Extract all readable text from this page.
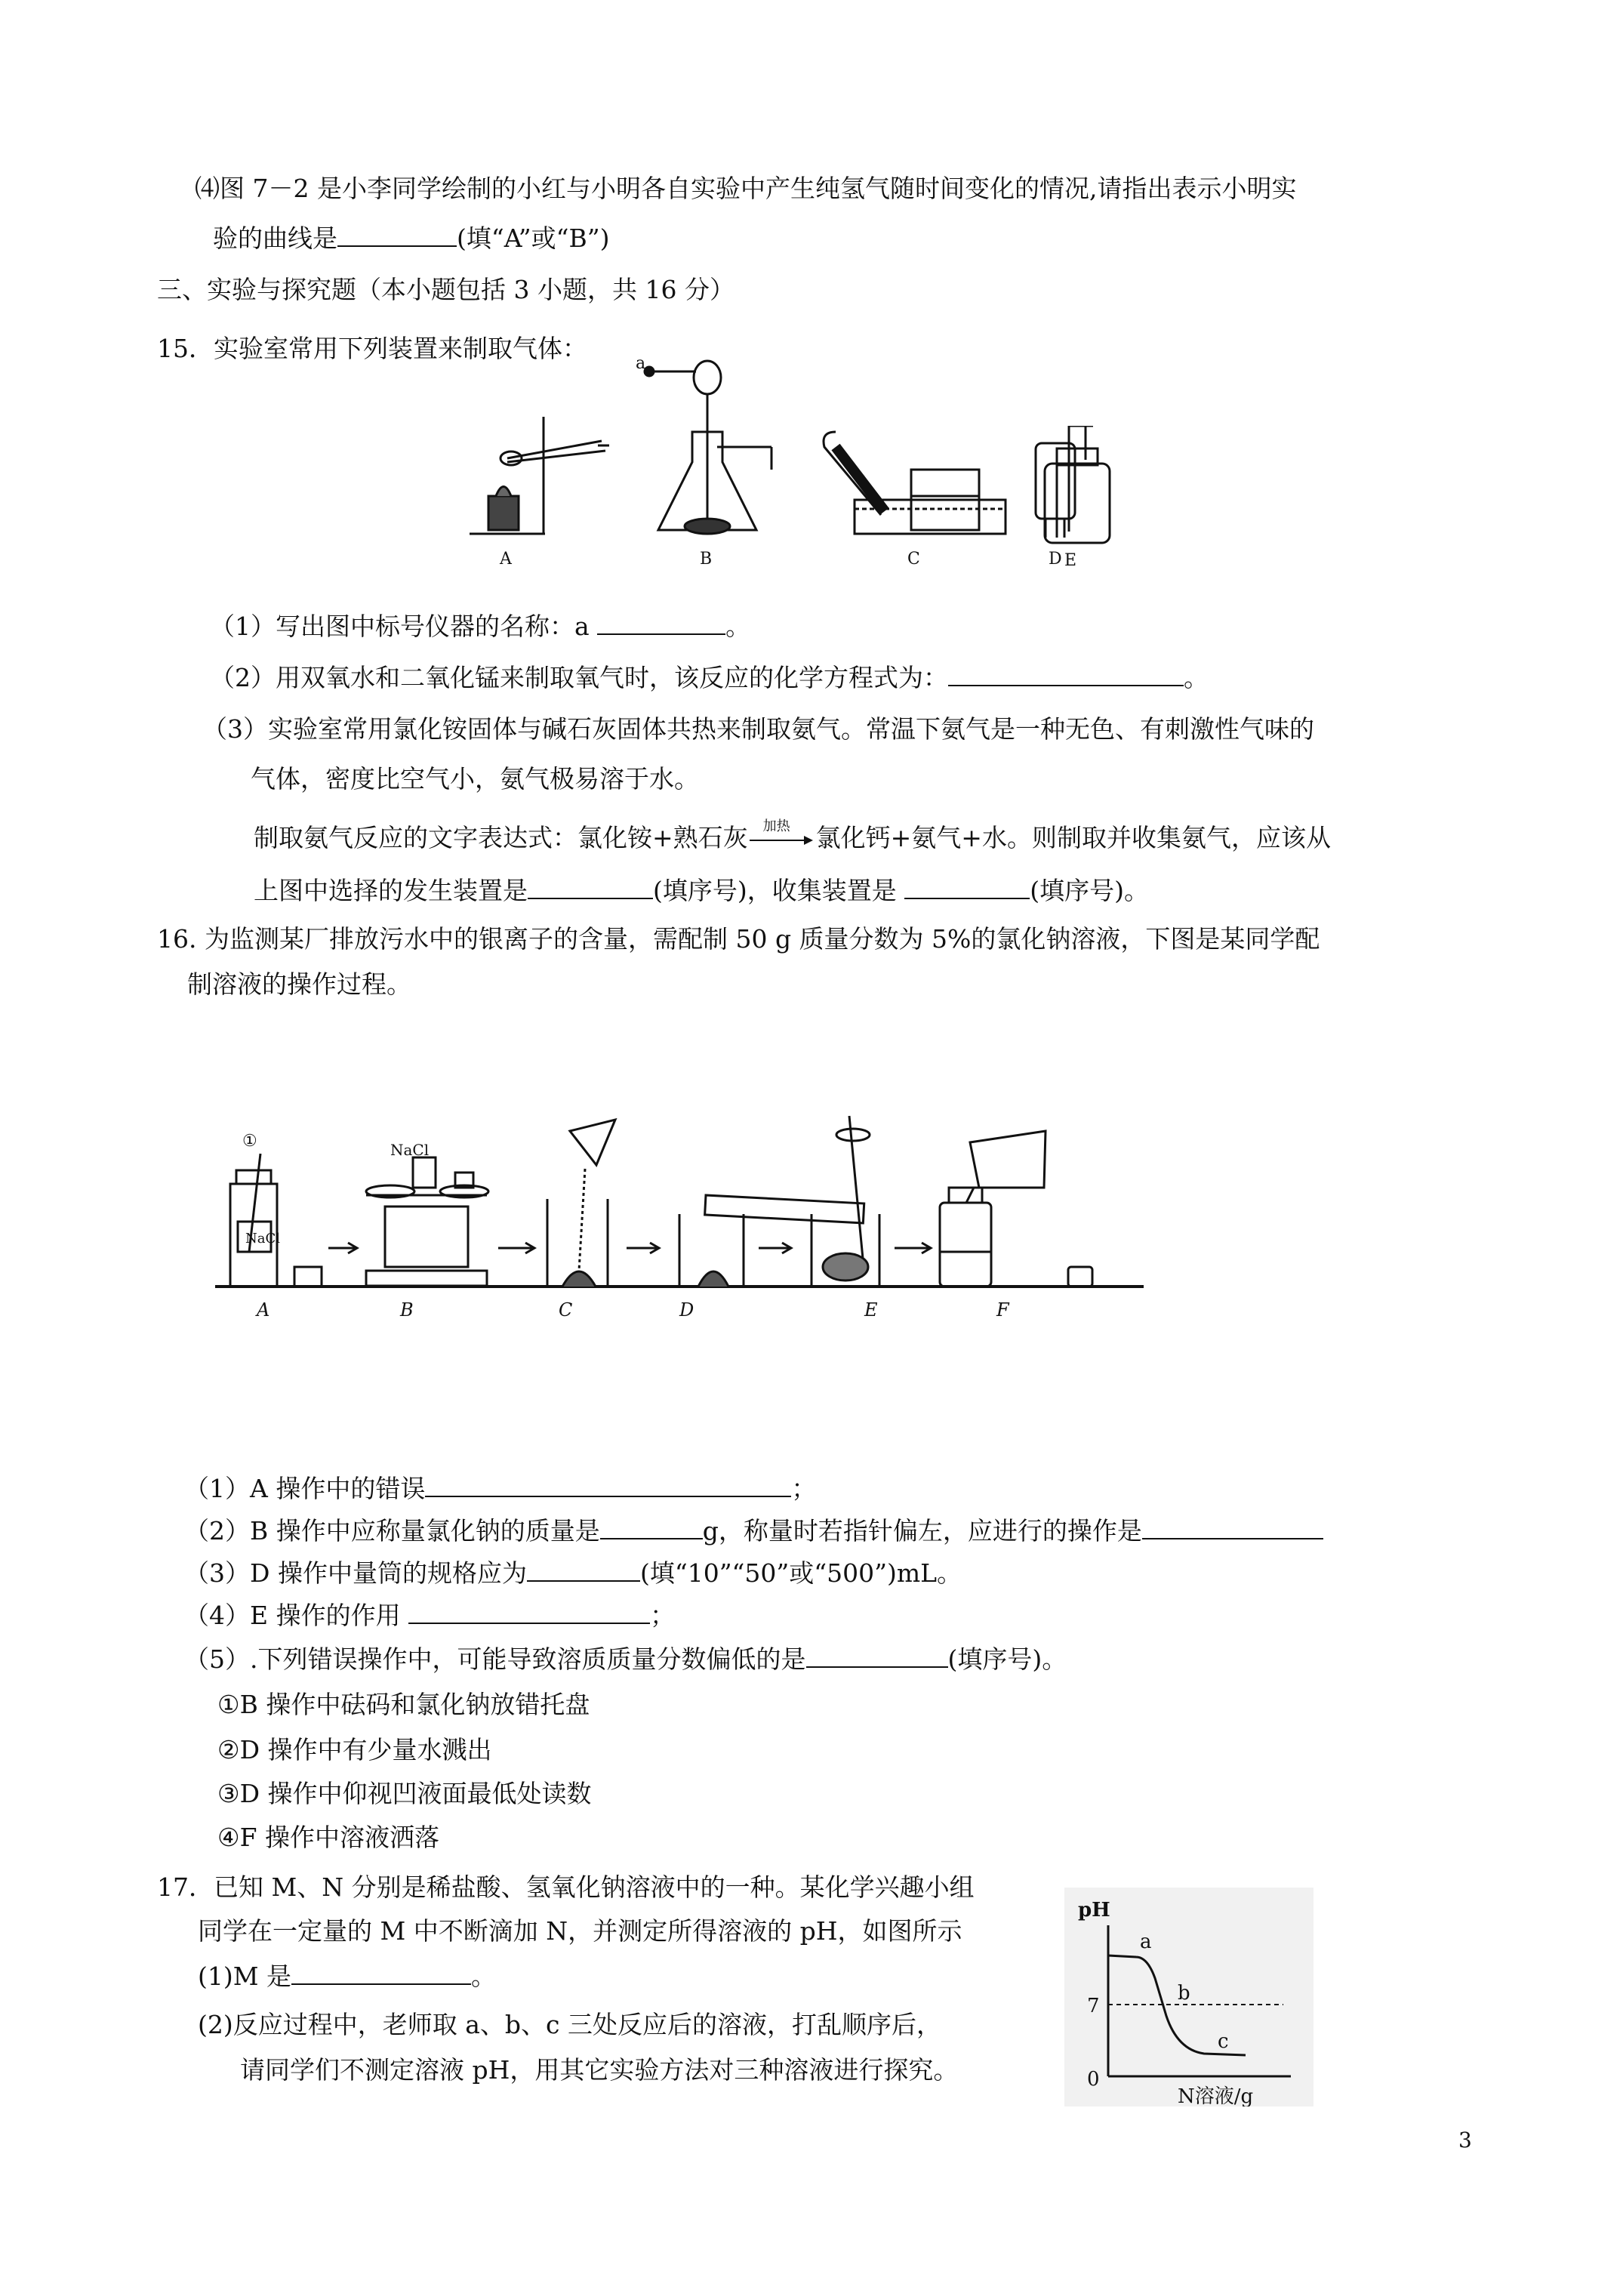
⑷图 7－2 是小李同学绘制的小红与小明各自实验中产生纯氢气随时间变化的情况,请指出表示小明实
验的曲线是	(填“A”或“B”)
三、实验与探究题（本小题包括 3 小题，共 16 分）
15．实验室常用下列装置来制取气体：
a
A	B	C	D E
（1）写出图中标号仪器的名称：a	。
（2）用双氧水和二氧化锰来制取氧气时，该反应的化学方程式为：	。
（3）实验室常用氯化铵固体与碱石灰固体共热来制取氨气。常温下氨气是一种无色、有刺激性气味的
气体，密度比空气小，氨气极易溶于水。
制取氨气反应的文字表达式：氯化铵+熟石灰 加热 氯化钙+氨气+水。则制取并收集氨气，应该从
上图中选择的发生装置是	(填序号)，收集装置是	(填序号)。
16. 为监测某厂排放污水中的银离子的含量，需配制 50 g 质量分数为 5%的氯化钠溶液，下图是某同学配
制溶液的操作过程。
①
NaCl
NaCl
A	B	C	D	E	F
（1）A 操作中的错误	；
（2）B 操作中应称量氯化钠的质量是	g，称量时若指针偏左，应进行的操作是
（3）D 操作中量筒的规格应为	(填“10”“50”或“500”)mL。
（4）E 操作的作用	；
（5）.下列错误操作中，可能导致溶质质量分数偏低的是	(填序号)。
①B 操作中砝码和氯化钠放错托盘
②D 操作中有少量水溅出
③D 操作中仰视凹液面最低处读数
④F 操作中溶液洒落
17．已知 M、N 分别是稀盐酸、氢氧化钠溶液中的一种。某化学兴趣小组
同学在一定量的 M 中不断滴加 N，并测定所得溶液的 pH，如图所示
(1)M 是	。
(2)反应过程中，老师取 a、b、c 三处反应后的溶液，打乱顺序后，
请同学们不测定溶液 pH，用其它实验方法对三种溶液进行探究。
pH
7
0
N溶液/g
a
b
c
3
